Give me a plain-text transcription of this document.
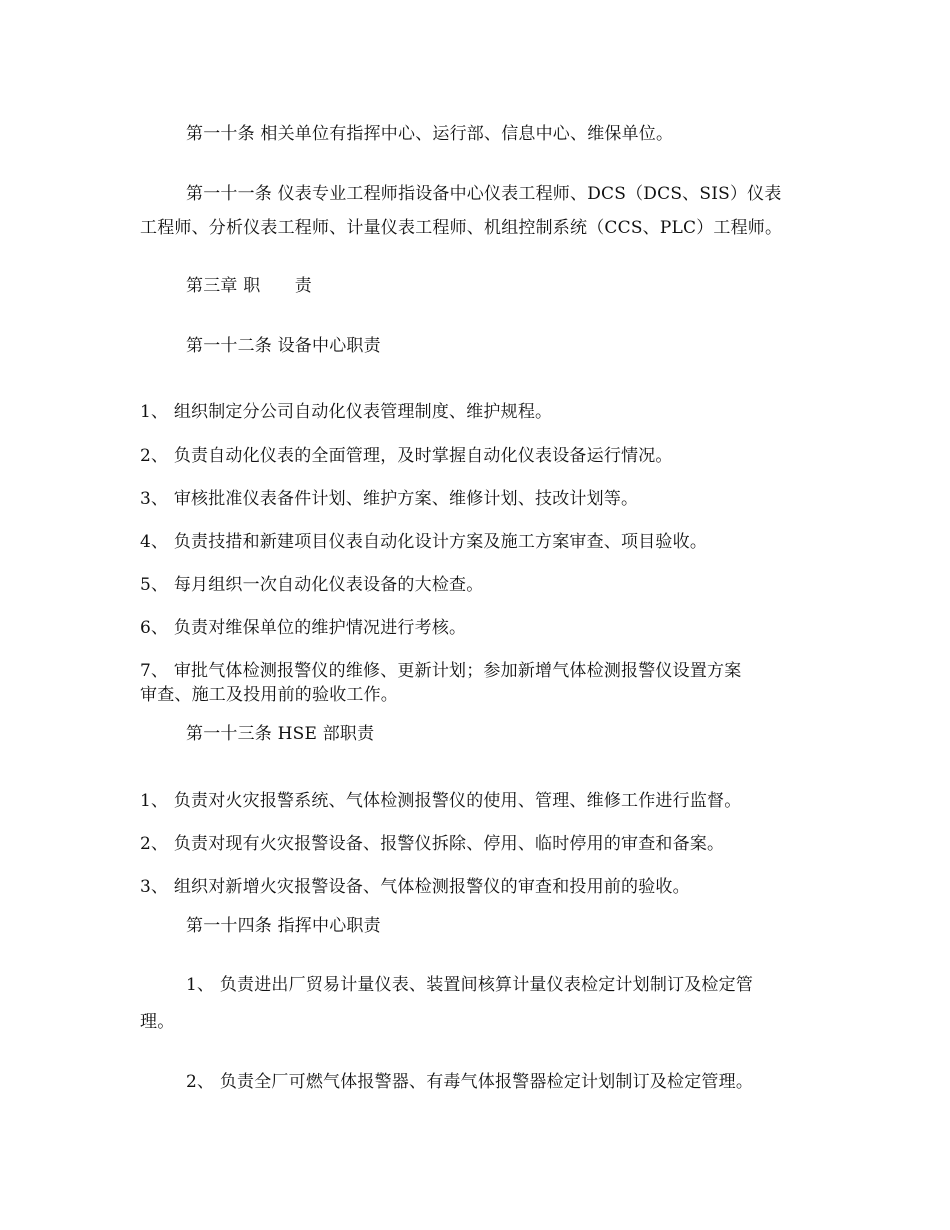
第一十条 相关单位有指挥中心、运行部、信息中心、维保单位。
第一十一条 仪表专业工程师指设备中心仪表工程师、DCS（DCS、SIS）仪表
工程师、分析仪表工程师、计量仪表工程师、机组控制系统（CCS、PLC）工程师。
第三章 职　　责
第一十二条 设备中心职责
1、 组织制定分公司自动化仪表管理制度、维护规程。
2、 负责自动化仪表的全面管理，及时掌握自动化仪表设备运行情况。
3、 审核批准仪表备件计划、维护方案、维修计划、技改计划等。
4、 负责技措和新建项目仪表自动化设计方案及施工方案审查、项目验收。
5、 每月组织一次自动化仪表设备的大检查。
6、 负责对维保单位的维护情况进行考核。
7、 审批气体检测报警仪的维修、更新计划；参加新增气体检测报警仪设置方案
审查、施工及投用前的验收工作。
第一十三条 HSE 部职责
1、 负责对火灾报警系统、气体检测报警仪的使用、管理、维修工作进行监督。
2、 负责对现有火灾报警设备、报警仪拆除、停用、临时停用的审查和备案。
3、 组织对新增火灾报警设备、气体检测报警仪的审查和投用前的验收。
第一十四条 指挥中心职责
1、 负责进出厂贸易计量仪表、装置间核算计量仪表检定计划制订及检定管
理。
2、 负责全厂可燃气体报警器、有毒气体报警器检定计划制订及检定管理。
